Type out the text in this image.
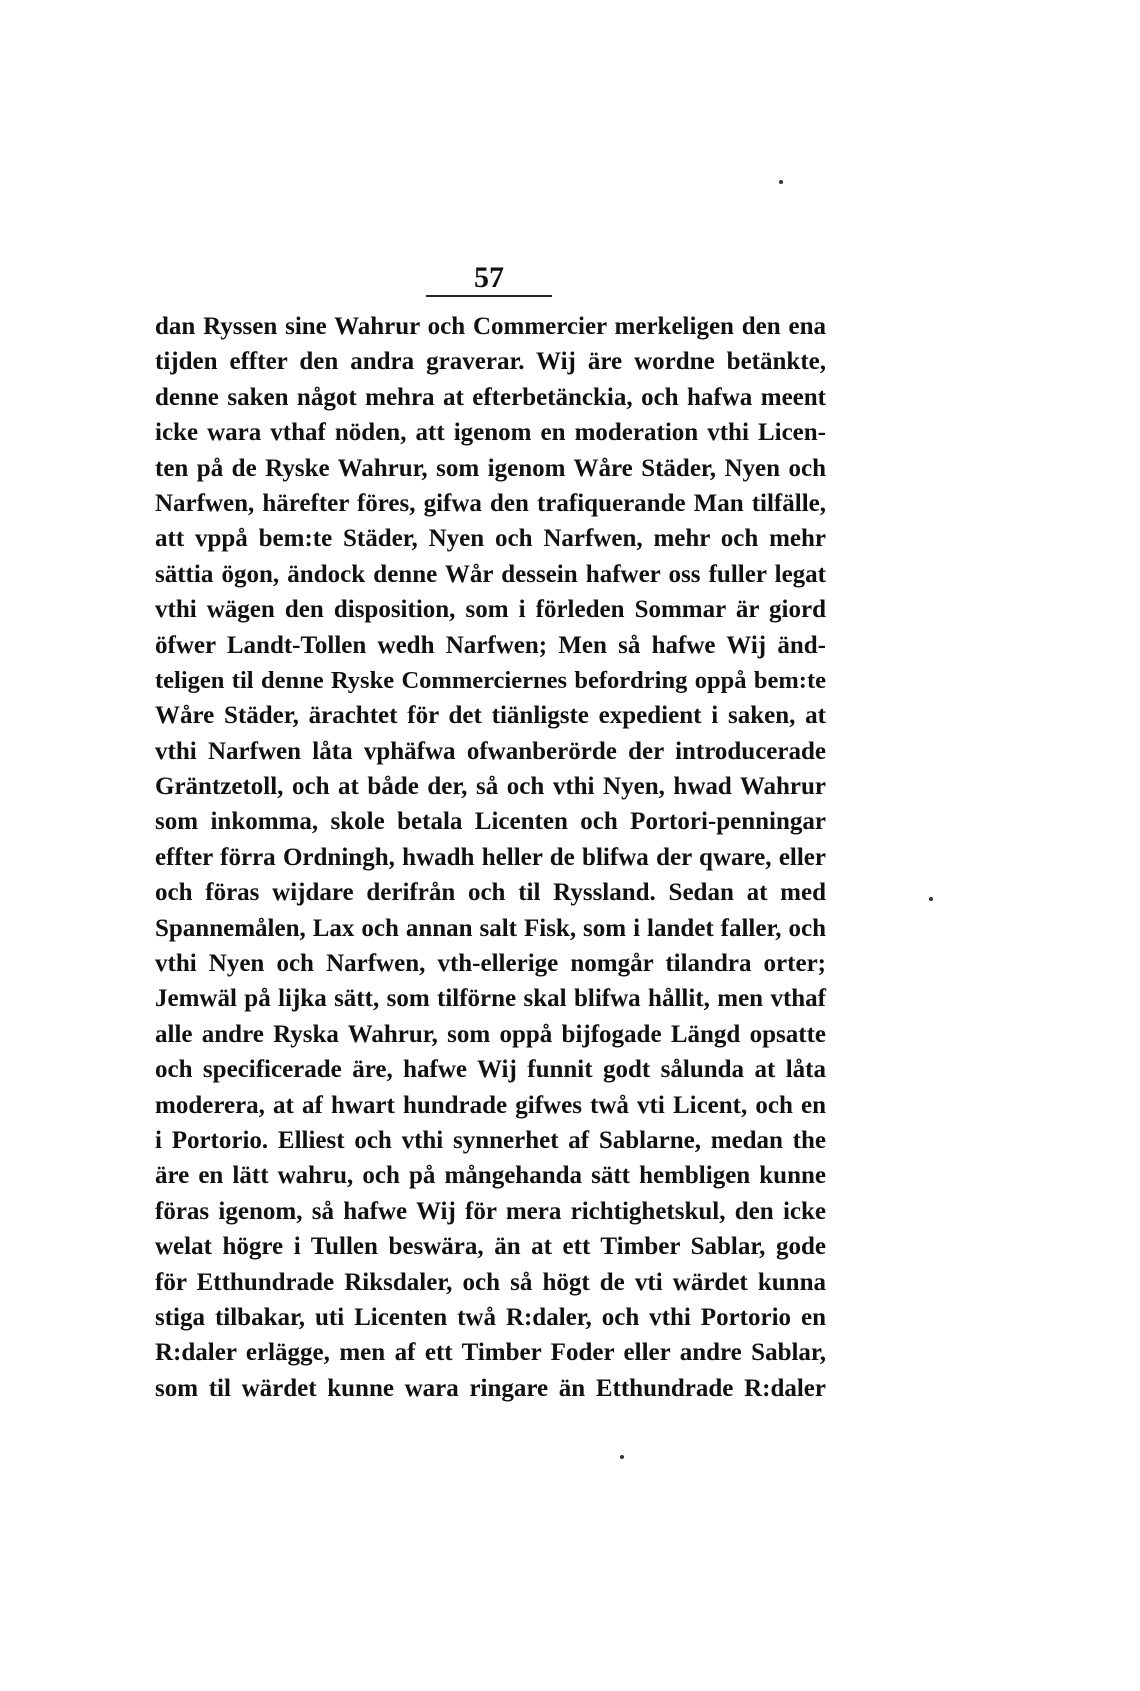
57
dan Ryssen sine Wahrur och Commercier merkeligen den ena
tijden effter den andra graverar. Wij äre wordne betänkte,
denne saken något mehra at efterbetänckia, och hafwa meent
icke wara vthaf nöden, att igenom en moderation vthi Licen-
ten på de Ryske Wahrur, som igenom Wåre Städer, Nyen och
Narfwen, härefter föres, gifwa den trafiquerande Man tilfälle,
att vppå bem:te Städer, Nyen och Narfwen, mehr och mehr
sättia ögon, ändock denne Wår dessein hafwer oss fuller legat
vthi wägen den disposition, som i förleden Sommar är giord
öfwer Landt-Tollen wedh Narfwen; Men så hafwe Wij änd-
teligen til denne Ryske Commerciernes befordring oppå bem:te
Wåre Städer, ärachtet för det tiänligste expedient i saken, at
vthi Narfwen låta vphäfwa ofwanberörde der introducerade
Gräntzetoll, och at både der, så och vthi Nyen, hwad Wahrur
som inkomma, skole betala Licenten och Portori-penningar
effter förra Ordningh, hwadh heller de blifwa der qware, eller
och föras wijdare derifrån och til Ryssland. Sedan at med
Spannemålen, Lax och annan salt Fisk, som i landet faller, och
vthi Nyen och Narfwen, vth-ellerige nomgår tilandra orter;
Jemwäl på lijka sätt, som tilförne skal blifwa hållit, men vthaf
alle andre Ryska Wahrur, som oppå bijfogade Längd opsatte
och specificerade äre, hafwe Wij funnit godt sålunda at låta
moderera, at af hwart hundrade gifwes twå vti Licent, och en
i Portorio. Elliest och vthi synnerhet af Sablarne, medan the
äre en lätt wahru, och på mångehanda sätt hembligen kunne
föras igenom, så hafwe Wij för mera richtighetskul, den icke
welat högre i Tullen beswära, än at ett Timber Sablar, gode
för Etthundrade Riksdaler, och så högt de vti wärdet kunna
stiga tilbakar, uti Licenten twå R:daler, och vthi Portorio en
R:daler erlägge, men af ett Timber Foder eller andre Sablar,
som til wärdet kunne wara ringare än Etthundrade R:daler
